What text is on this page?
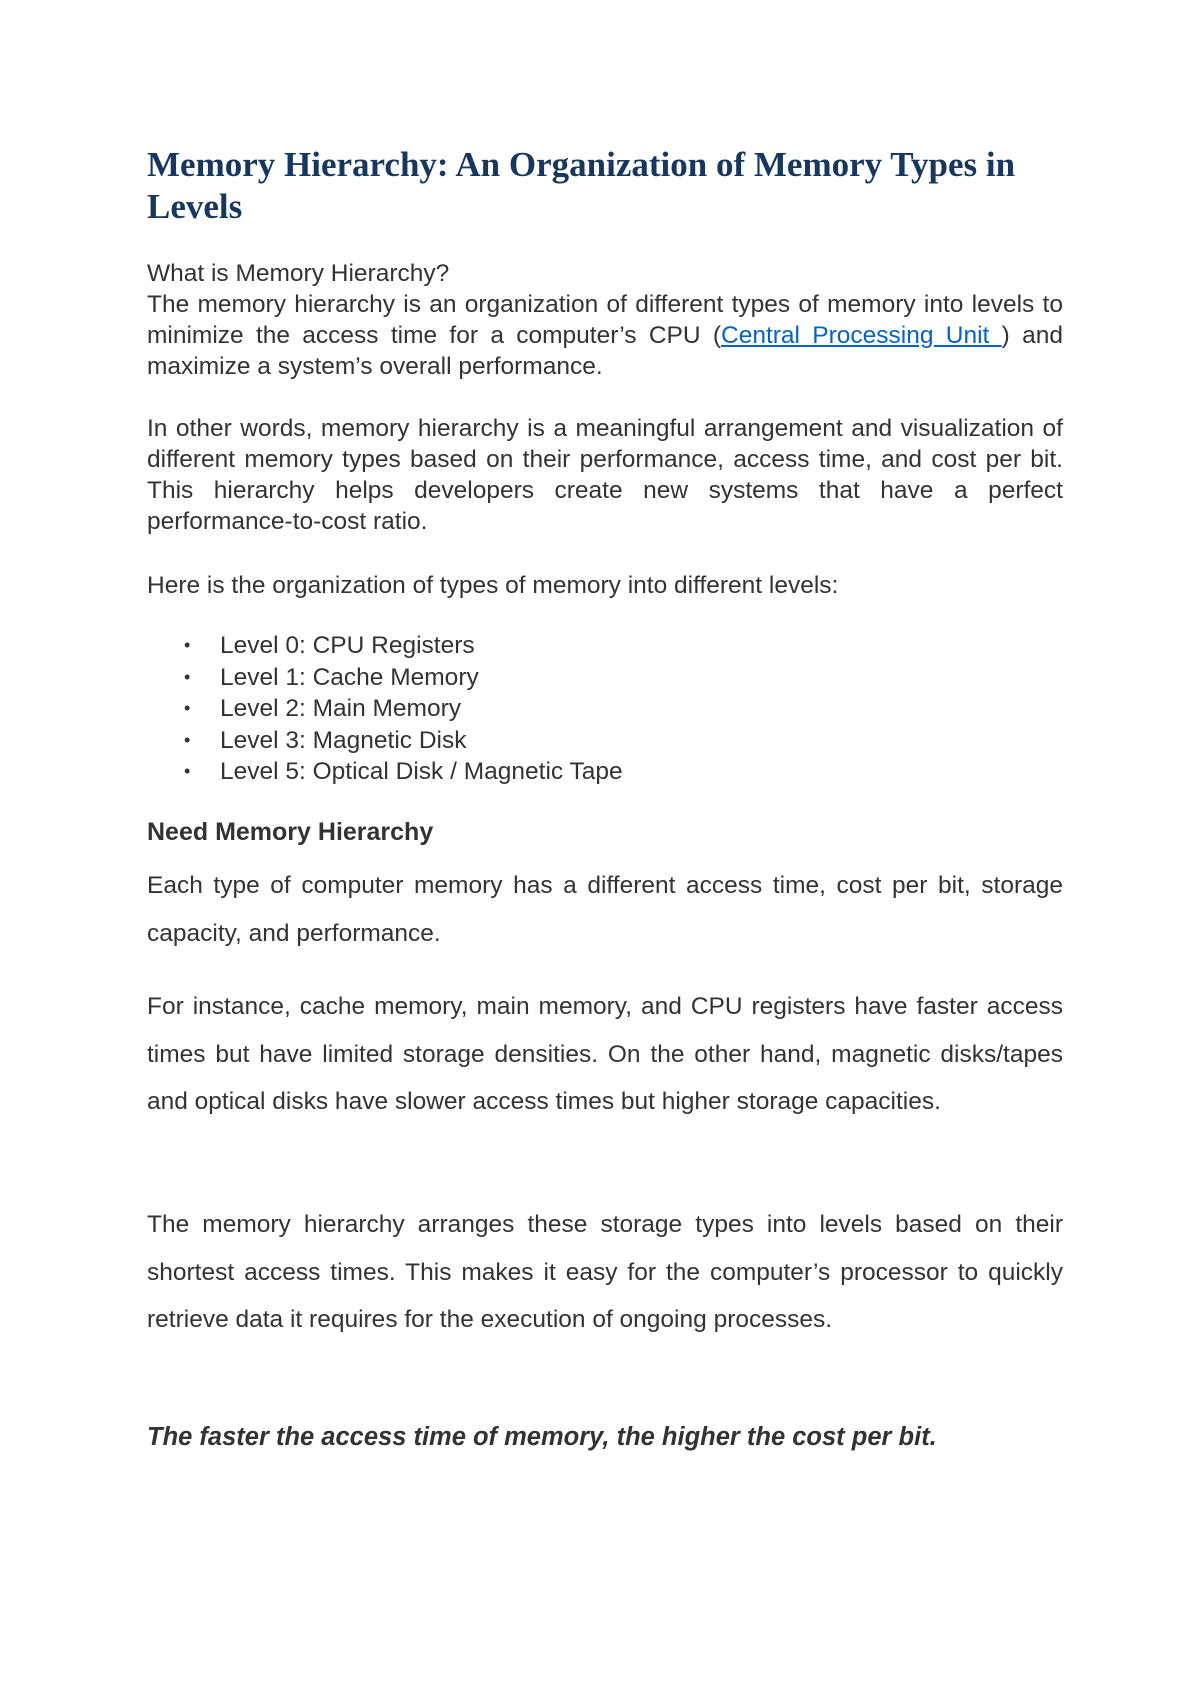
Memory Hierarchy: An Organization of Memory Types in Levels

What is Memory Hierarchy?

The memory hierarchy is an organization of different types of memory into levels to minimize the access time for a computer’s CPU (Central Processing Unit ) and maximize a system’s overall performance.

In other words, memory hierarchy is a meaningful arrangement and visualization of different memory types based on their performance, access time, and cost per bit. This hierarchy helps developers create new systems that have a perfect performance-to-cost ratio.

Here is the organization of types of memory into different levels:

• Level 0: CPU Registers
• Level 1: Cache Memory
• Level 2: Main Memory
• Level 3: Magnetic Disk
• Level 5: Optical Disk / Magnetic Tape
Need Memory Hierarchy

Each type of computer memory has a different access time, cost per bit, storage capacity, and performance.

For instance, cache memory, main memory, and CPU registers have faster access times but have limited storage densities. On the other hand, magnetic disks/tapes and optical disks have slower access times but higher storage capacities.

The memory hierarchy arranges these storage types into levels based on their shortest access times. This makes it easy for the computer’s processor to quickly retrieve data it requires for the execution of ongoing processes.

The faster the access time of memory, the higher the cost per bit.
